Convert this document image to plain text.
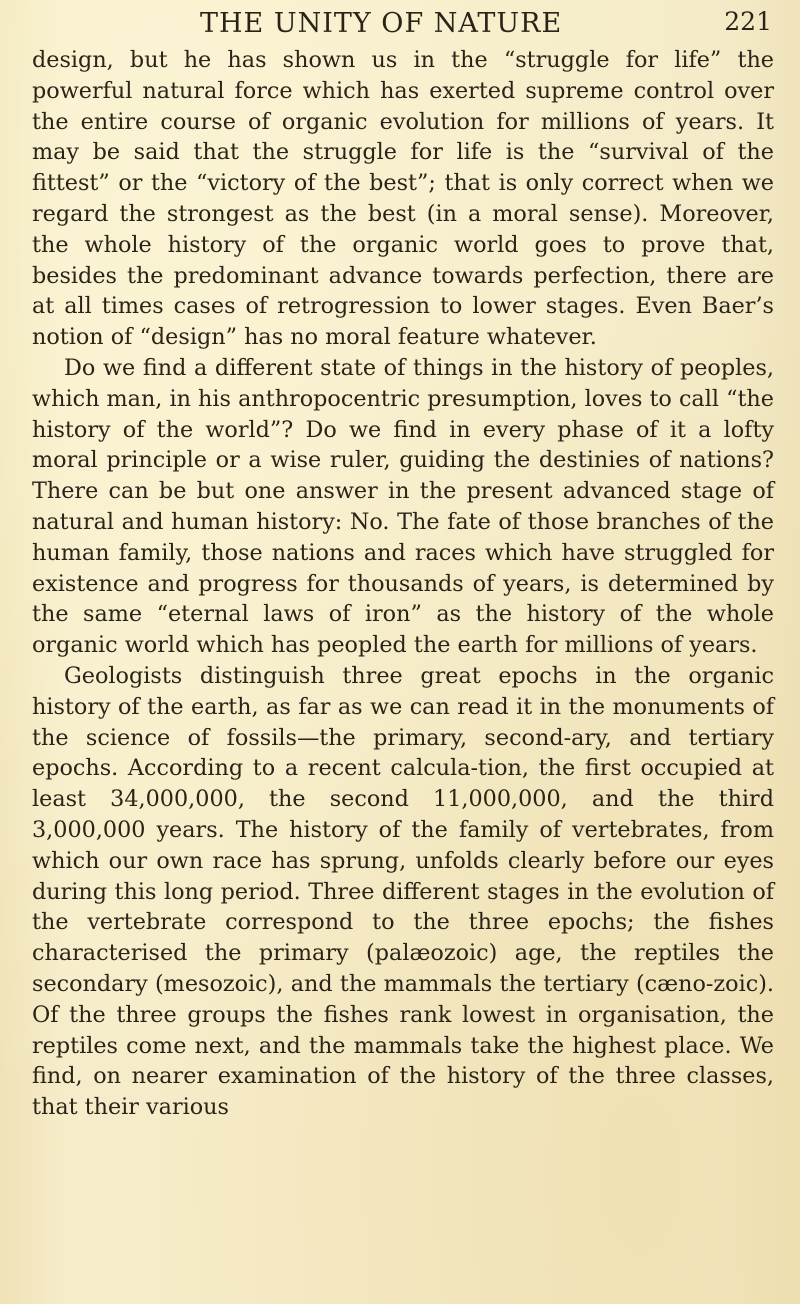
THE UNITY OF NATURE	221

design, but he has shown us in the “struggle for life” the powerful natural force which has exerted supreme control over the entire course of organic evolution for millions of years. It may be said that the struggle for life is the “survival of the fittest” or the “victory of the best”; that is only correct when we regard the strongest as the best (in a moral sense). Moreover, the whole history of the organic world goes to prove that, besides the predominant advance towards perfection, there are at all times cases of retrogression to lower stages. Even Baer’s notion of “design” has no moral feature whatever.

Do we find a different state of things in the history of peoples, which man, in his anthropocentric presumption, loves to call “the history of the world”? Do we find in every phase of it a lofty moral principle or a wise ruler, guiding the destinies of nations? There can be but one answer in the present advanced stage of natural and human history: No. The fate of those branches of the human family, those nations and races which have struggled for existence and progress for thousands of years, is determined by the same “eternal laws of iron” as the history of the whole organic world which has peopled the earth for millions of years.

Geologists distinguish three great epochs in the organic history of the earth, as far as we can read it in the monuments of the science of fossils—the primary, second-ary, and tertiary epochs. According to a recent calcula-tion, the first occupied at least 34,000,000, the second 11,000,000, and the third 3,000,000 years. The history of the family of vertebrates, from which our own race has sprung, unfolds clearly before our eyes during this long period. Three different stages in the evolution of the vertebrate correspond to the three epochs; the fishes characterised the primary (palæozoic) age, the reptiles the secondary (mesozoic), and the mammals the tertiary (cæno-zoic). Of the three groups the fishes rank lowest in organisation, the reptiles come next, and the mammals take the highest place. We find, on nearer examination of the history of the three classes, that their various
